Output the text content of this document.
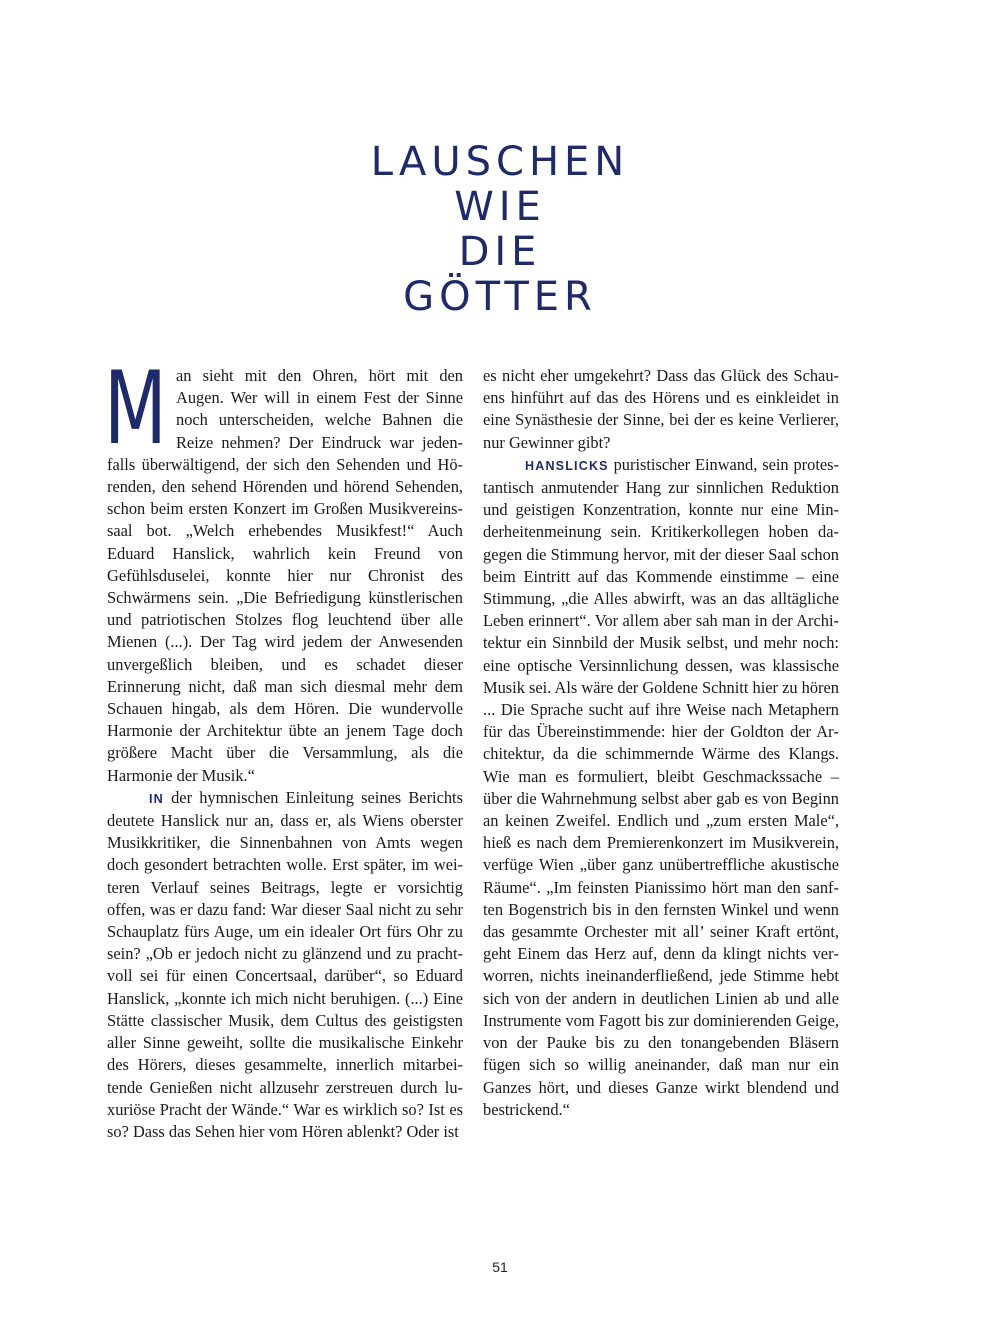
LAUSCHEN
WIE
DIE
GÖTTER

Man sieht mit den Ohren, hört mit den Augen. Wer will in einem Fest der Sinne noch unterscheiden, welche Bahnen die Reize nehmen? Der Eindruck war jedenfalls überwältigend, der sich den Sehenden und Hörenden, den sehend Hörenden und hörend Sehenden, schon beim ersten Konzert im Großen Musikvereinssaal bot. „Welch erhebendes Musikfest!“ Auch Eduard Hanslick, wahrlich kein Freund von Gefühlsduselei, konnte hier nur Chronist des Schwärmens sein. „Die Befriedigung künstlerischen und patriotischen Stolzes flog leuchtend über alle Mienen (...). Der Tag wird jedem der Anwesenden unvergeßlich bleiben, und es schadet dieser Erinnerung nicht, daß man sich diesmal mehr dem Schauen hingab, als dem Hören. Die wundervolle Harmonie der Architektur übte an jenem Tage doch größere Macht über die Versammlung, als die Harmonie der Musik.“

IN der hymnischen Einleitung seines Berichts deutete Hanslick nur an, dass er, als Wiens oberster Musikkritiker, die Sinnenbahnen von Amts wegen doch gesondert betrachten wolle. Erst später, im weiteren Verlauf seines Beitrags, legte er vorsichtig offen, was er dazu fand: War dieser Saal nicht zu sehr Schauplatz fürs Auge, um ein idealer Ort fürs Ohr zu sein? „Ob er jedoch nicht zu glänzend und zu prachtvoll sei für einen Concertsaal, darüber“, so Eduard Hanslick, „konnte ich mich nicht beruhigen. (...) Eine Stätte classischer Musik, dem Cultus des geistigsten aller Sinne geweiht, sollte die musikalische Einkehr des Hörers, dieses gesammelte, innerlich mitarbeitende Genießen nicht allzusehr zerstreuen durch luxuriöse Pracht der Wände.“ War es wirklich so? Ist es so? Dass das Sehen hier vom Hören ablenkt? Oder ist

es nicht eher umgekehrt? Dass das Glück des Schauens hinführt auf das des Hörens und es einkleidet in eine Synästhesie der Sinne, bei der es keine Verlierer, nur Gewinner gibt?

HANSLICKS puristischer Einwand, sein protestantisch anmutender Hang zur sinnlichen Reduktion und geistigen Konzentration, konnte nur eine Minderheitenmeinung sein. Kritikerkollegen hoben dagegen die Stimmung hervor, mit der dieser Saal schon beim Eintritt auf das Kommende einstimme – eine Stimmung, „die Alles abwirft, was an das alltägliche Leben erinnert“. Vor allem aber sah man in der Architektur ein Sinnbild der Musik selbst, und mehr noch: eine optische Versinnlichung dessen, was klassische Musik sei. Als wäre der Goldene Schnitt hier zu hören ... Die Sprache sucht auf ihre Weise nach Metaphern für das Übereinstimmende: hier der Goldton der Architektur, da die schimmernde Wärme des Klangs. Wie man es formuliert, bleibt Geschmackssache – über die Wahrnehmung selbst aber gab es von Beginn an keinen Zweifel. Endlich und „zum ersten Male“, hieß es nach dem Premierenkonzert im Musikverein, verfüge Wien „über ganz unübertreffliche akustische Räume“. „Im feinsten Pianissimo hört man den sanften Bogenstrich bis in den fernsten Winkel und wenn das gesammte Orchester mit all’ seiner Kraft ertönt, geht Einem das Herz auf, denn da klingt nichts verworren, nichts ineinanderfließend, jede Stimme hebt sich von der andern in deutlichen Linien ab und alle Instrumente vom Fagott bis zur dominierenden Geige, von der Pauke bis zu den tonangebenden Bläsern fügen sich so willig aneinander, daß man nur ein Ganzes hört, und dieses Ganze wirkt blendend und bestrickend.“

51
